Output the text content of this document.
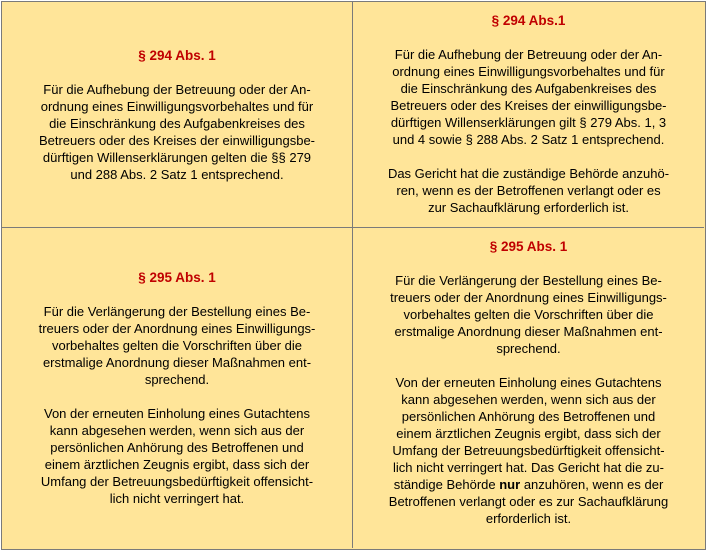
§ 294 Abs. 1
Für die Aufhebung der Betreuung oder der An-
ordnung eines Einwilligungsvorbehaltes und für
die Einschränkung des Aufgabenkreises des
Betreuers oder des Kreises der einwilligungsbe-
dürftigen Willenserklärungen gelten die §§ 279
und 288 Abs. 2 Satz 1 entsprechend.
§ 294 Abs.1
Für die Aufhebung der Betreuung oder der An-
ordnung eines Einwilligungsvorbehaltes und für
die Einschränkung des Aufgabenkreises des
Betreuers oder des Kreises der einwilligungsbe-
dürftigen Willenserklärungen gilt § 279 Abs. 1, 3
und 4 sowie § 288 Abs. 2 Satz 1 entsprechend.
Das Gericht hat die zuständige Behörde anzuhö-
ren, wenn es der Betroffenen verlangt oder es
zur Sachaufklärung erforderlich ist.
§ 295 Abs. 1
Für die Verlängerung der Bestellung eines Be-
treuers oder der Anordnung eines Einwilligungs-
vorbehaltes gelten die Vorschriften über die
erstmalige Anordnung dieser Maßnahmen ent-
sprechend.
Von der erneuten Einholung eines Gutachtens
kann abgesehen werden, wenn sich aus der
persönlichen Anhörung des Betroffenen und
einem ärztlichen Zeugnis ergibt, dass sich der
Umfang der Betreuungsbedürftigkeit offensicht-
lich nicht verringert hat.
§ 295 Abs. 1
Für die Verlängerung der Bestellung eines Be-
treuers oder der Anordnung eines Einwilligungs-
vorbehaltes gelten die Vorschriften über die
erstmalige Anordnung dieser Maßnahmen ent-
sprechend.
Von der erneuten Einholung eines Gutachtens
kann abgesehen werden, wenn sich aus der
persönlichen Anhörung des Betroffenen und
einem ärztlichen Zeugnis ergibt, dass sich der
Umfang der Betreuungsbedürftigkeit offensicht-
lich nicht verringert hat. Das Gericht hat die zu-
ständige Behörde nur anzuhören, wenn es der
Betroffenen verlangt oder es zur Sachaufklärung
erforderlich ist.
